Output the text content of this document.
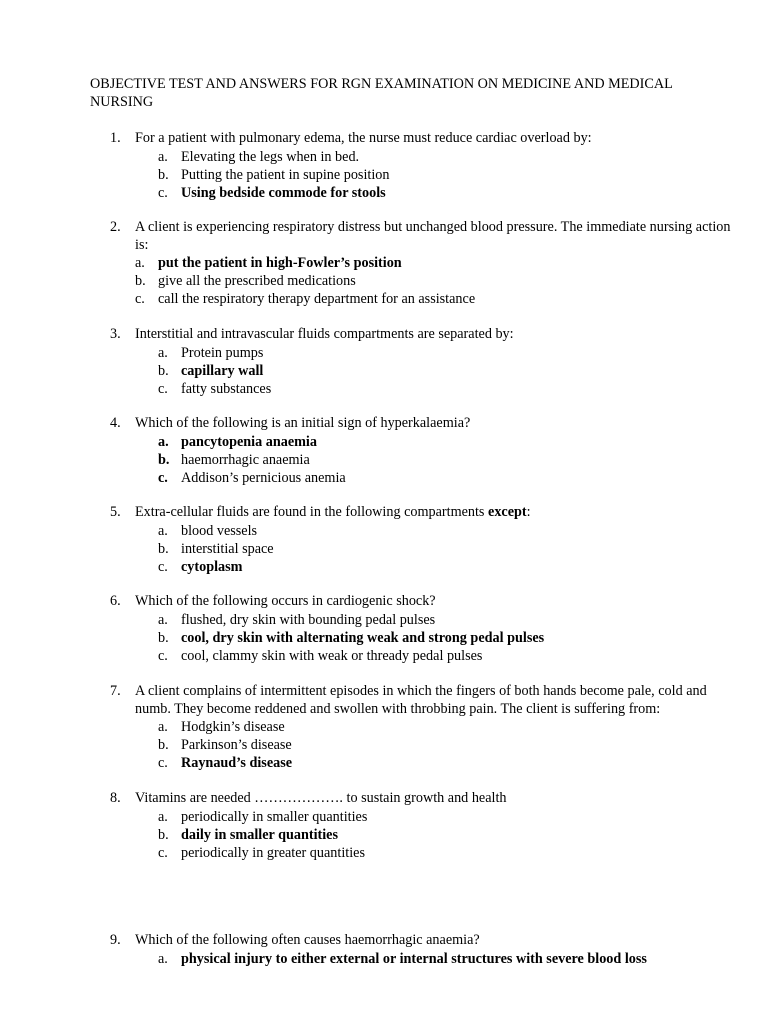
OBJECTIVE TEST AND ANSWERS FOR RGN EXAMINATION ON MEDICINE AND MEDICAL NURSING
1. For a patient with pulmonary edema, the nurse must reduce cardiac overload by:
a. Elevating the legs when in bed.
b. Putting the patient in supine position
c. Using bedside commode for stools
2. A client is experiencing respiratory distress but unchanged blood pressure. The immediate nursing action is:
a. put the patient in high-Fowler’s position
b. give all the prescribed medications
c. call the respiratory therapy department for an assistance
3. Interstitial and intravascular fluids compartments are separated by:
a. Protein pumps
b. capillary wall
c. fatty substances
4. Which of the following is an initial sign of hyperkalaemia?
a. pancytopenia anaemia
b. haemorrhagic anaemia
c. Addison’s pernicious anemia
5. Extra-cellular fluids are found in the following compartments except:
a. blood vessels
b. interstitial space
c. cytoplasm
6. Which of the following occurs in cardiogenic shock?
a. flushed, dry skin with bounding pedal pulses
b. cool, dry skin with alternating weak and strong pedal pulses
c. cool, clammy skin with weak or thready pedal pulses
7. A client complains of intermittent episodes in which the fingers of both hands become pale, cold and numb. They become reddened and swollen with throbbing pain. The client is suffering from:
a. Hodgkin’s disease
b. Parkinson’s disease
c. Raynaud’s disease
8. Vitamins are needed ………………. to sustain growth and health
a. periodically in smaller quantities
b. daily in smaller quantities
c. periodically in greater quantities
9. Which of the following often causes haemorrhagic anaemia?
a. physical injury to either external or internal structures with severe blood loss
